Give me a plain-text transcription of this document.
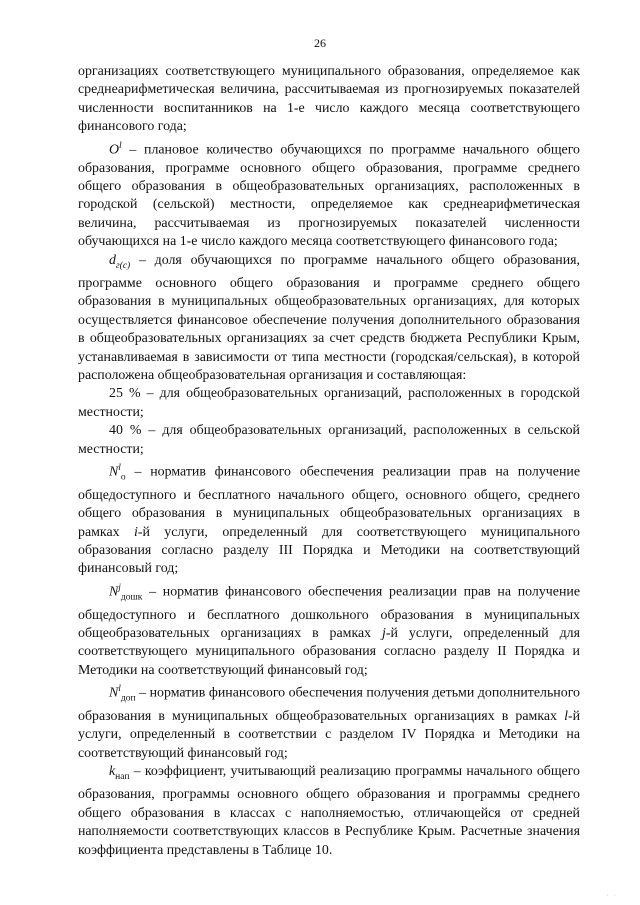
26

организациях соответствующего муниципального образования, определяемое как среднеарифметическая величина, рассчитываемая из прогнозируемых показателей численности воспитанников на 1-е число каждого месяца соответствующего финансового года;

$O^l$ – плановое количество обучающихся по программе начального общего образования, программе основного общего образования, программе среднего общего образования в общеобразовательных организациях, расположенных в городской (сельской) местности, определяемое как среднеарифметическая величина, рассчитываемая из прогнозируемых показателей численности обучающихся на 1-е число каждого месяца соответствующего финансового года;

$d_{г(с)}$ – доля обучающихся по программе начального общего образования, программе основного общего образования и программе среднего общего образования в муниципальных общеобразовательных организациях, для которых осуществляется финансовое обеспечение получения дополнительного образования в общеобразовательных организациях за счет средств бюджета Республики Крым, устанавливаемая в зависимости от типа местности (городская/сельская), в которой расположена общеобразовательная организация и составляющая:

25 % – для общеобразовательных организаций, расположенных в городской местности;

40 % – для общеобразовательных организаций, расположенных в сельской местности;

$N^l_о$ – норматив финансового обеспечения реализации прав на получение общедоступного и бесплатного начального общего, основного общего, среднего общего образования в муниципальных общеобразовательных организациях в рамках i-й услуги, определенный для соответствующего муниципального образования согласно разделу III Порядка и Методики на соответствующий финансовый год;

$N^j_{дошк}$ – норматив финансового обеспечения реализации прав на получение общедоступного и бесплатного дошкольного образования в муниципальных общеобразовательных организациях в рамках j-й услуги, определенный для соответствующего муниципального образования согласно разделу II Порядка и Методики на соответствующий финансовый год;

$N^l_{доп}$ – норматив финансового обеспечения получения детьми дополнительного образования в муниципальных общеобразовательных организациях в рамках l-й услуги, определенный в соответствии с разделом IV Порядка и Методики на соответствующий финансовый год;

$k_{нап}$ – коэффициент, учитывающий реализацию программы начального общего образования, программы основного общего образования и программы среднего общего образования в классах с наполняемостью, отличающейся от средней наполняемости соответствующих классов в Республике Крым. Расчетные значения коэффициента представлены в Таблице 10.

· ·
